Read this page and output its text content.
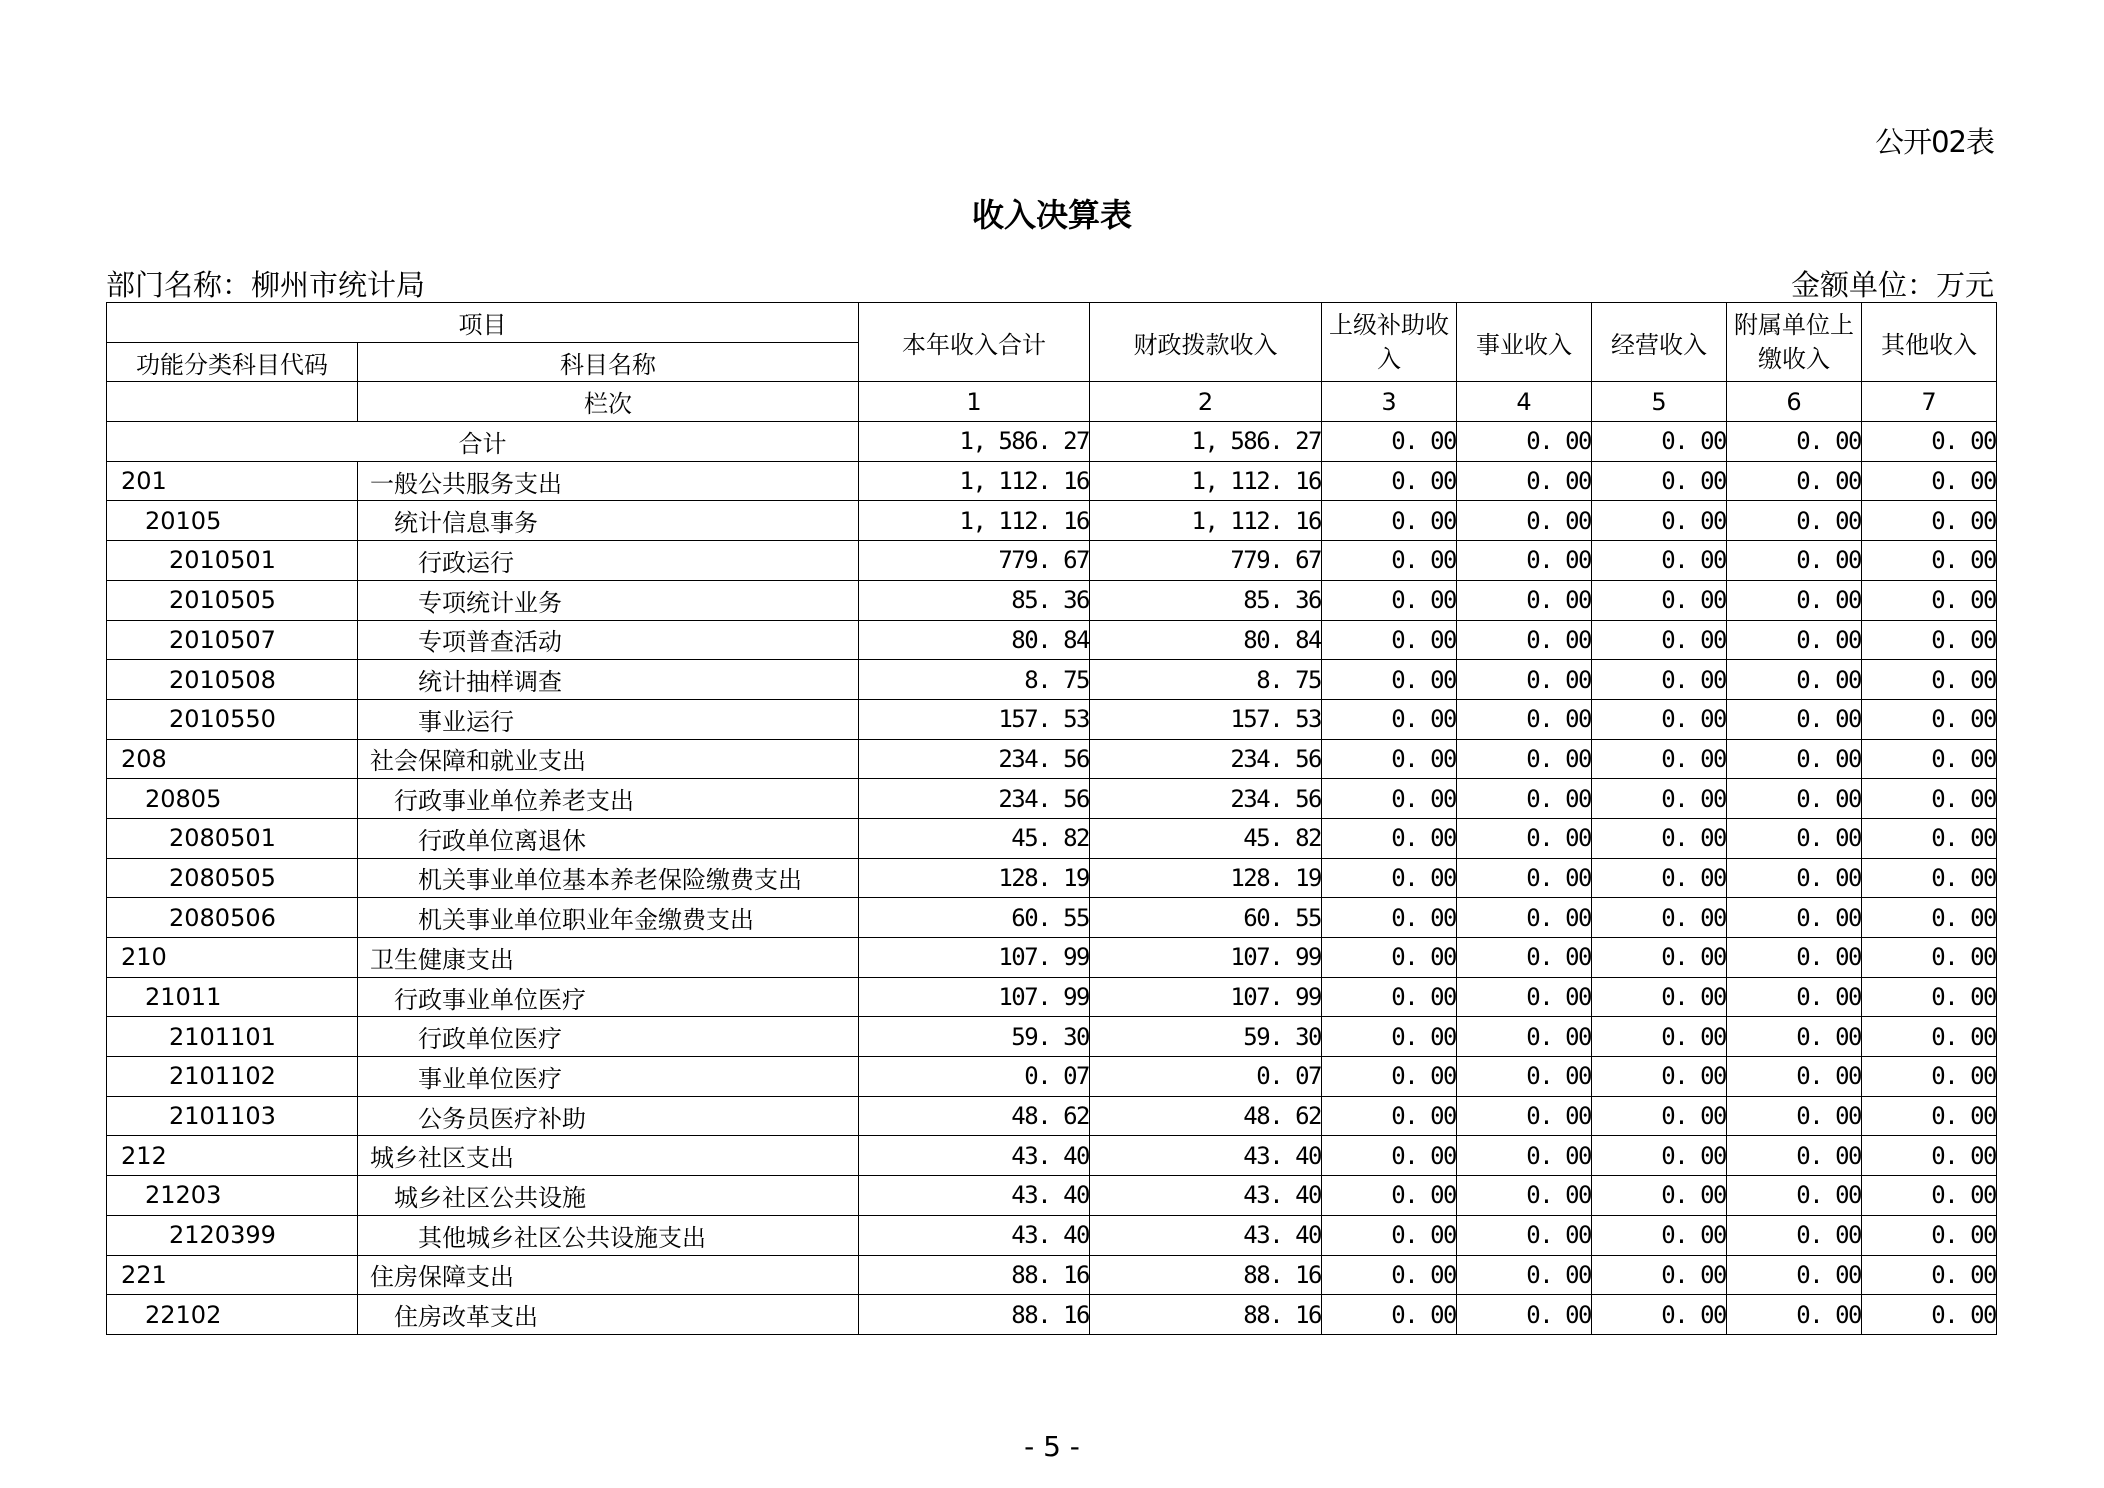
公开02表
收入决算表
部门名称：柳州市统计局	金额单位：万元
项目		本年收入合计	财政拨款收入	上级补助收入	事业收入	经营收入	附属单位上缴收入	其他收入
功能分类科目代码	科目名称							
	栏次	1	2	3	4	5	6	7
合计		1, 586. 27	1, 586. 27	0. 00	0. 00	0. 00	0. 00	0. 00
201	一般公共服务支出	1, 112. 16	1, 112. 16	0. 00	0. 00	0. 00	0. 00	0. 00
20105	统计信息事务	1, 112. 16	1, 112. 16	0. 00	0. 00	0. 00	0. 00	0. 00
2010501	行政运行	779. 67	779. 67	0. 00	0. 00	0. 00	0. 00	0. 00
2010505	专项统计业务	85. 36	85. 36	0. 00	0. 00	0. 00	0. 00	0. 00
2010507	专项普查活动	80. 84	80. 84	0. 00	0. 00	0. 00	0. 00	0. 00
2010508	统计抽样调查	8. 75	8. 75	0. 00	0. 00	0. 00	0. 00	0. 00
2010550	事业运行	157. 53	157. 53	0. 00	0. 00	0. 00	0. 00	0. 00
208	社会保障和就业支出	234. 56	234. 56	0. 00	0. 00	0. 00	0. 00	0. 00
20805	行政事业单位养老支出	234. 56	234. 56	0. 00	0. 00	0. 00	0. 00	0. 00
2080501	行政单位离退休	45. 82	45. 82	0. 00	0. 00	0. 00	0. 00	0. 00
2080505	机关事业单位基本养老保险缴费支出	128. 19	128. 19	0. 00	0. 00	0. 00	0. 00	0. 00
2080506	机关事业单位职业年金缴费支出	60. 55	60. 55	0. 00	0. 00	0. 00	0. 00	0. 00
210	卫生健康支出	107. 99	107. 99	0. 00	0. 00	0. 00	0. 00	0. 00
21011	行政事业单位医疗	107. 99	107. 99	0. 00	0. 00	0. 00	0. 00	0. 00
2101101	行政单位医疗	59. 30	59. 30	0. 00	0. 00	0. 00	0. 00	0. 00
2101102	事业单位医疗	0. 07	0. 07	0. 00	0. 00	0. 00	0. 00	0. 00
2101103	公务员医疗补助	48. 62	48. 62	0. 00	0. 00	0. 00	0. 00	0. 00
212	城乡社区支出	43. 40	43. 40	0. 00	0. 00	0. 00	0. 00	0. 00
21203	城乡社区公共设施	43. 40	43. 40	0. 00	0. 00	0. 00	0. 00	0. 00
2120399	其他城乡社区公共设施支出	43. 40	43. 40	0. 00	0. 00	0. 00	0. 00	0. 00
221	住房保障支出	88. 16	88. 16	0. 00	0. 00	0. 00	0. 00	0. 00
22102	住房改革支出	88. 16	88. 16	0. 00	0. 00	0. 00	0. 00	0. 00
- 5 -
